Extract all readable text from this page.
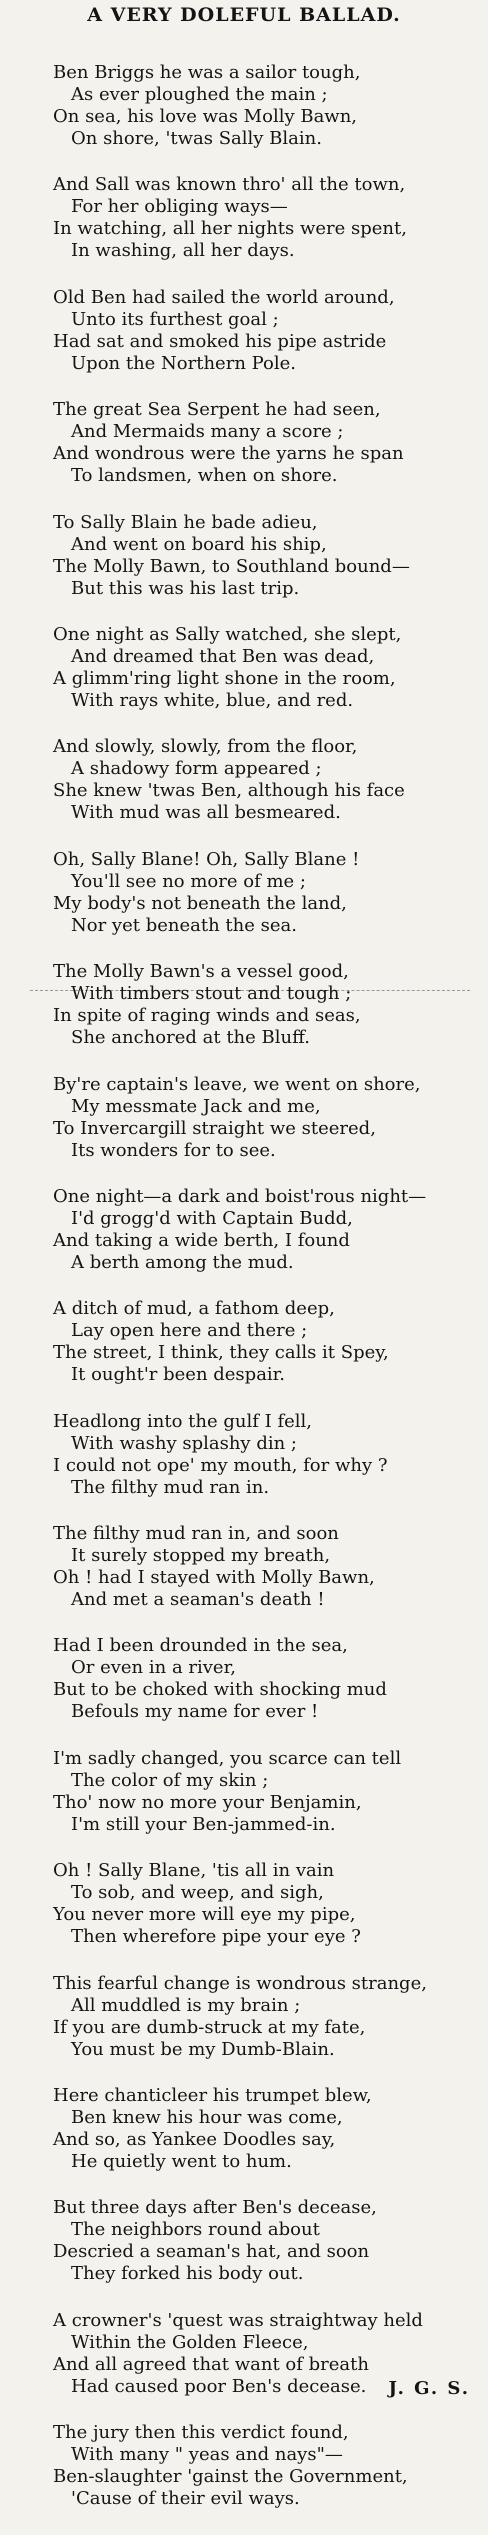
A VERY DOLEFUL BALLAD.
Ben Briggs he was a sailor tough,
As ever ploughed the main ;
On sea, his love was Molly Bawn,
On shore, 'twas Sally Blain.
And Sall was known thro' all the town,
For her obliging ways—
In watching, all her nights were spent,
In washing, all her days.
Old Ben had sailed the world around,
Unto its furthest goal ;
Had sat and smoked his pipe astride
Upon the Northern Pole.
The great Sea Serpent he had seen,
And Mermaids many a score ;
And wondrous were the yarns he span
To landsmen, when on shore.
To Sally Blain he bade adieu,
And went on board his ship,
The Molly Bawn, to Southland bound—
But this was his last trip.
One night as Sally watched, she slept,
And dreamed that Ben was dead,
A glimm'ring light shone in the room,
With rays white, blue, and red.
And slowly, slowly, from the floor,
A shadowy form appeared ;
She knew 'twas Ben, although his face
With mud was all besmeared.
Oh, Sally Blane! Oh, Sally Blane !
You'll see no more of me ;
My body's not beneath the land,
Nor yet beneath the sea.
The Molly Bawn's a vessel good,
With timbers stout and tough ;
In spite of raging winds and seas,
She anchored at the Bluff.
By're captain's leave, we went on shore,
My messmate Jack and me,
To Invercargill straight we steered,
Its wonders for to see.
One night—a dark and boist'rous night—
I'd grogg'd with Captain Budd,
And taking a wide berth, I found
A berth among the mud.
A ditch of mud, a fathom deep,
Lay open here and there ;
The street, I think, they calls it Spey,
It ought'r been despair.
Headlong into the gulf I fell,
With washy splashy din ;
I could not ope' my mouth, for why ?
The filthy mud ran in.
The filthy mud ran in, and soon
It surely stopped my breath,
Oh ! had I stayed with Molly Bawn,
And met a seaman's death !
Had I been drounded in the sea,
Or even in a river,
But to be choked with shocking mud
Befouls my name for ever !
I'm sadly changed, you scarce can tell
The color of my skin ;
Tho' now no more your Benjamin,
I'm still your Ben-jammed-in.
Oh ! Sally Blane, 'tis all in vain
To sob, and weep, and sigh,
You never more will eye my pipe,
Then wherefore pipe your eye ?
This fearful change is wondrous strange,
All muddled is my brain ;
If you are dumb-struck at my fate,
You must be my Dumb-Blain.
Here chanticleer his trumpet blew,
Ben knew his hour was come,
And so, as Yankee Doodles say,
He quietly went to hum.
But three days after Ben's decease,
The neighbors round about
Descried a seaman's hat, and soon
They forked his body out.
A crowner's 'quest was straightway held
Within the Golden Fleece,
And all agreed that want of breath
Had caused poor Ben's decease.
The jury then this verdict found,
With many " yeas and nays"—
Ben-slaughter 'gainst the Government,
'Cause of their evil ways.
J. G. S.
